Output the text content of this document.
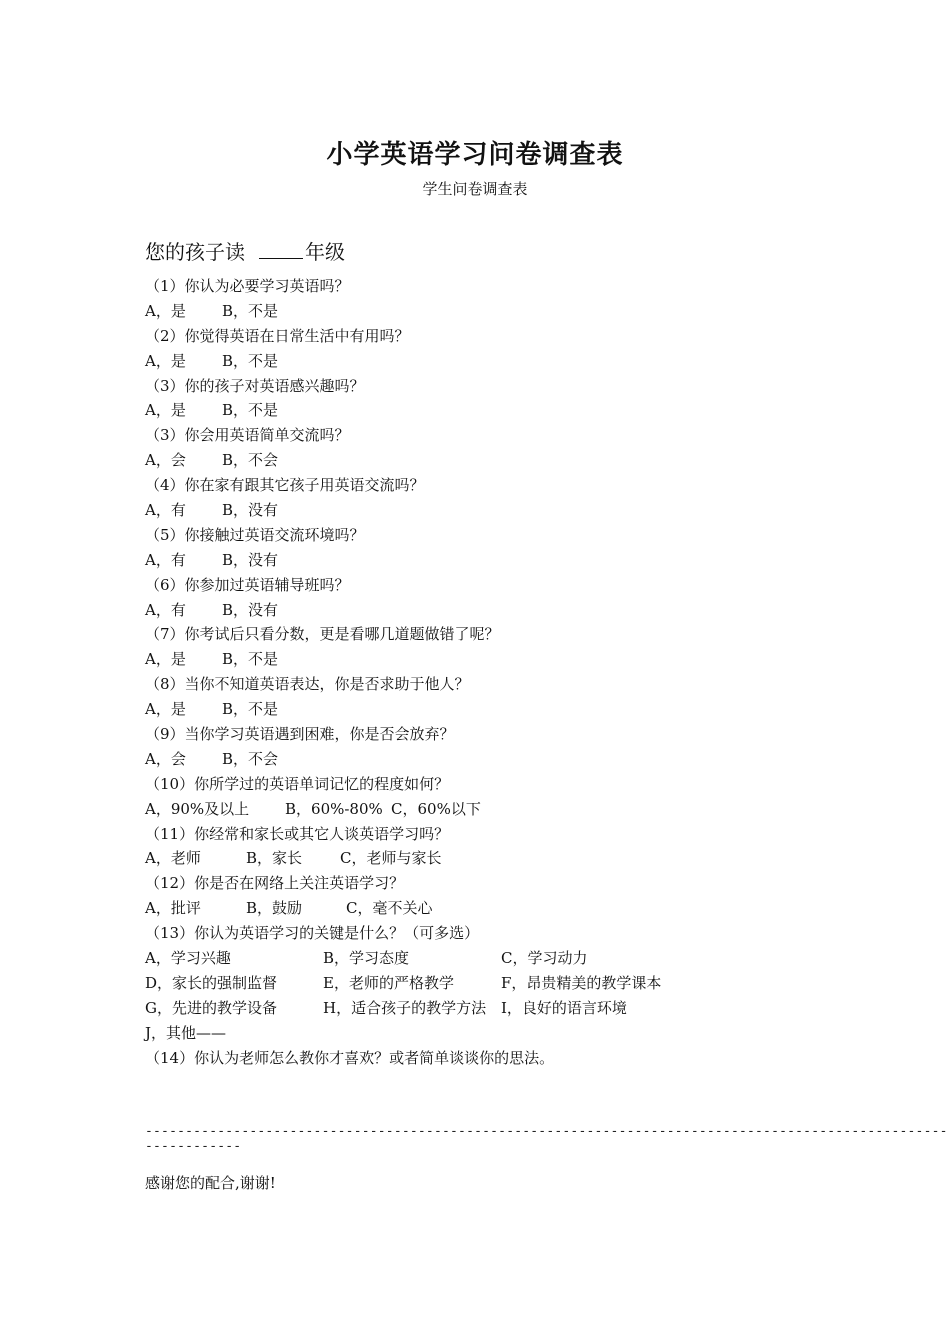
小学英语学习问卷调查表
学生问卷调查表
您的孩子读	年级
（1）你认为必要学习英语吗？
A，是 B，不是
（2）你觉得英语在日常生活中有用吗？
A，是 B，不是
（3）你的孩子对英语感兴趣吗？
A，是 B，不是
（3）你会用英语简单交流吗？
A，会 B，不会
（4）你在家有跟其它孩子用英语交流吗？
A，有 B，没有
（5）你接触过英语交流环境吗？
A，有 B，没有
（6）你参加过英语辅导班吗？
A，有 B，没有
（7）你考试后只看分数，更是看哪几道题做错了呢？
A，是 B，不是
（8）当你不知道英语表达，你是否求助于他人？
A，是 B，不是
（9）当你学习英语遇到困难，你是否会放弃？
A，会 B，不会
（10）你所学过的英语单词记忆的程度如何？
A，90%及以上 B，60%-80% C，60%以下
（11）你经常和家长或其它人谈英语学习吗？
A，老师	B，家长	C，老师与家长
（12）你是否在网络上关注英语学习？
A，批评	B，鼓励	C，毫不关心
（13）你认为英语学习的关键是什么？（可多选）
A，学习兴趣	B，学习态度	C，学习动力
D，家长的强制监督	E，老师的严格教学	F，昂贵精美的教学课本
G，先进的教学设备	H，适合孩子的教学方法 I，良好的语言环境
J，其他——
（14）你认为老师怎么教你才喜欢？或者简单谈谈你的思法。
----------------------------------------------------------------------------------------------------------------
感谢您的配合,谢谢!
